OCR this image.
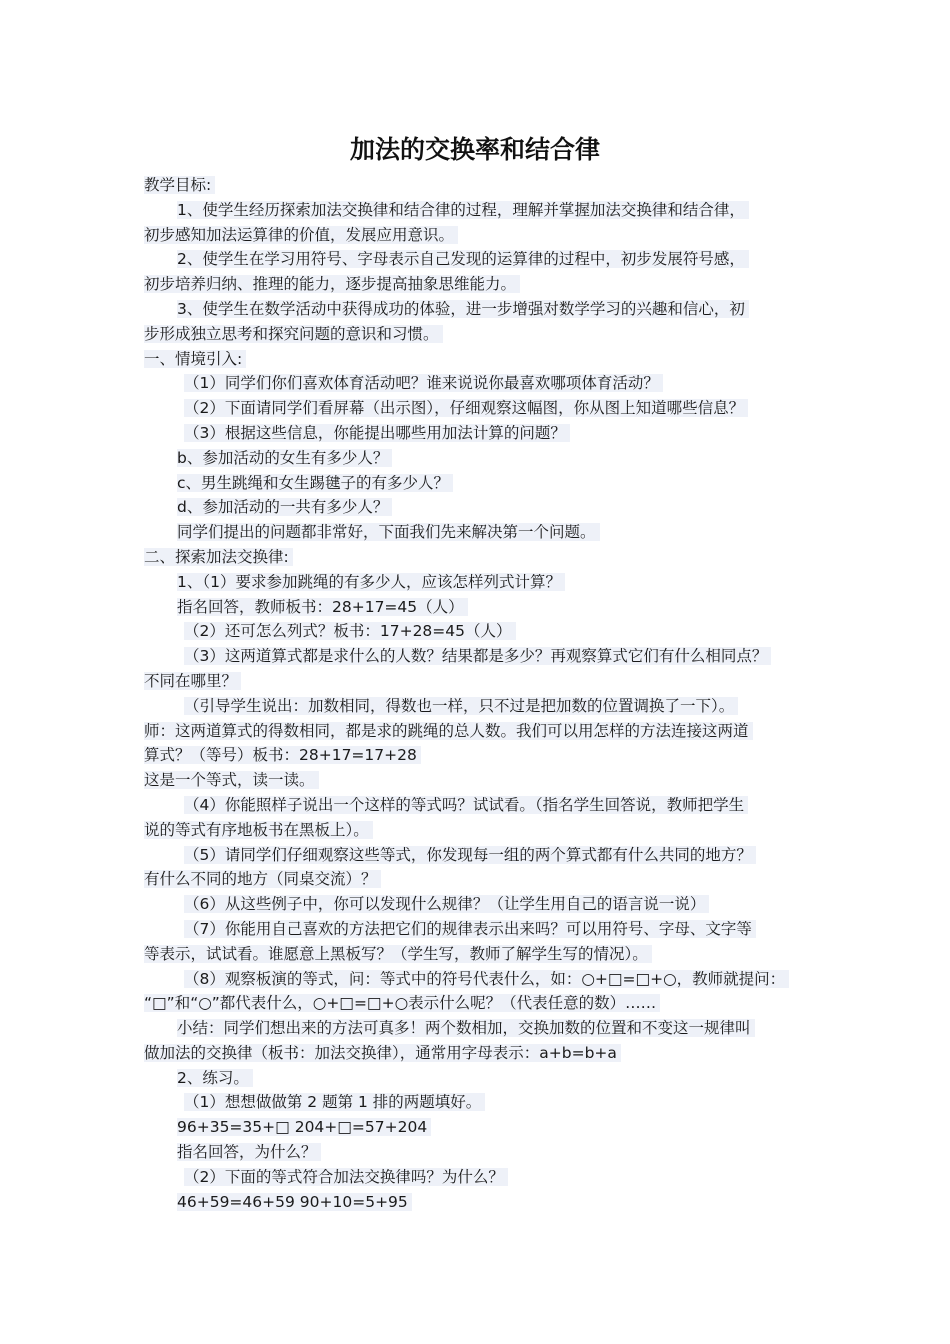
加法的交换率和结合律
教学目标:
1、使学生经历探索加法交换律和结合律的过程，理解并掌握加法交换律和结合律，
初步感知加法运算律的价值，发展应用意识。
2、使学生在学习用符号、字母表示自己发现的运算律的过程中，初步发展符号感，
初步培养归纳、推理的能力，逐步提高抽象思维能力。
3、使学生在数学活动中获得成功的体验，进一步增强对数学学习的兴趣和信心，初
步形成独立思考和探究问题的意识和习惯。
一、情境引入:
（1）同学们你们喜欢体育活动吧？谁来说说你最喜欢哪项体育活动？
（2）下面请同学们看屏幕（出示图），仔细观察这幅图，你从图上知道哪些信息？
（3）根据这些信息，你能提出哪些用加法计算的问题？
b、参加活动的女生有多少人？
c、男生跳绳和女生踢毽子的有多少人？
d、参加活动的一共有多少人？
同学们提出的问题都非常好，下面我们先来解决第一个问题。
二、探索加法交换律:
1、（1）要求参加跳绳的有多少人，应该怎样列式计算？
指名回答，教师板书：28+17=45（人）
（2）还可怎么列式？板书：17+28=45（人）
（3）这两道算式都是求什么的人数？结果都是多少？再观察算式它们有什么相同点？
不同在哪里？
（引导学生说出：加数相同，得数也一样，只不过是把加数的位置调换了一下）。
师：这两道算式的得数相同，都是求的跳绳的总人数。我们可以用怎样的方法连接这两道
算式？（等号）板书：28+17=17+28
这是一个等式，读一读。
（4）你能照样子说出一个这样的等式吗？试试看。（指名学生回答说，教师把学生
说的等式有序地板书在黑板上）。
（5）请同学们仔细观察这些等式，你发现每一组的两个算式都有什么共同的地方？
有什么不同的地方（同桌交流）？
（6）从这些例子中，你可以发现什么规律？（让学生用自己的语言说一说）
（7）你能用自己喜欢的方法把它们的规律表示出来吗？可以用符号、字母、文字等
等表示，试试看。谁愿意上黑板写？（学生写，教师了解学生写的情况）。
（8）观察板演的等式，问：等式中的符号代表什么，如：○+□=□+○，教师就提问：
“□”和“○”都代表什么，○+□=□+○表示什么呢？（代表任意的数）……
小结：同学们想出来的方法可真多！两个数相加，交换加数的位置和不变这一规律叫
做加法的交换律（板书：加法交换律），通常用字母表示：a+b=b+a
2、练习。
（1）想想做做第 2 题第 1 排的两题填好。
96+35=35+□ 204+□=57+204
指名回答，为什么？
（2）下面的等式符合加法交换律吗？为什么？
46+59=46+59 90+10=5+95
